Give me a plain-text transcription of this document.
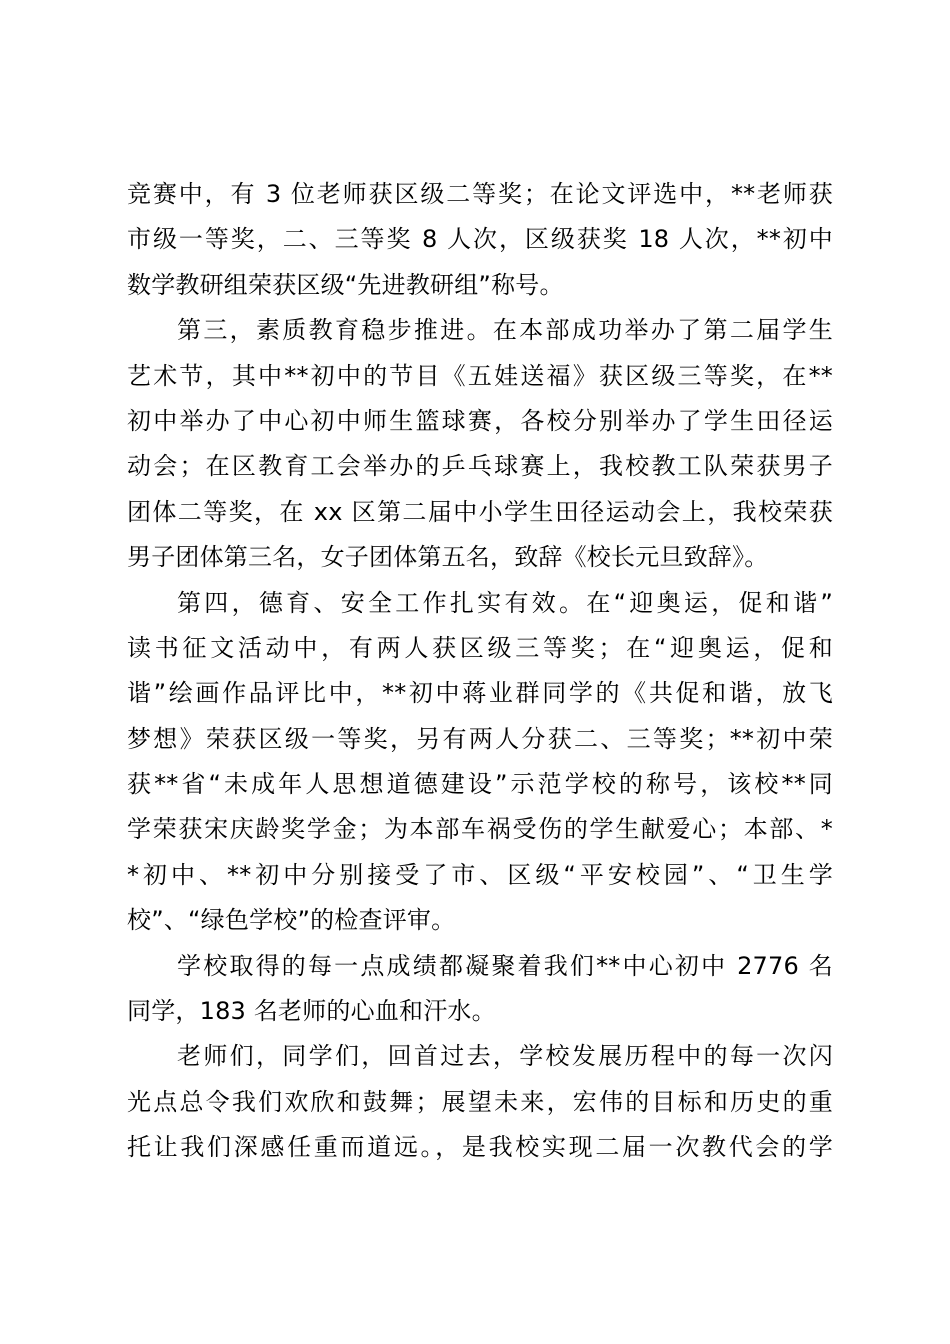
竞赛中，有 3 位老师获区级二等奖；在论文评选中，**老师获
市级一等奖，二、三等奖 8 人次，区级获奖 18 人次，**初中
数学教研组荣获区级“先进教研组”称号。
第三，素质教育稳步推进。在本部成功举办了第二届学生
艺术节，其中**初中的节目《五娃送福》获区级三等奖，在**
初中举办了中心初中师生篮球赛，各校分别举办了学生田径运
动会；在区教育工会举办的乒乓球赛上，我校教工队荣获男子
团体二等奖，在 xx 区第二届中小学生田径运动会上，我校荣获
男子团体第三名，女子团体第五名，致辞《校长元旦致辞》。
第四，德育、安全工作扎实有效。在“迎奥运，促和谐”
读书征文活动中，有两人获区级三等奖；在“迎奥运，促和
谐”绘画作品评比中，**初中蒋业群同学的《共促和谐，放飞
梦想》荣获区级一等奖，另有两人分获二、三等奖；**初中荣
获**省“未成年人思想道德建设”示范学校的称号，该校**同
学荣获宋庆龄奖学金；为本部车祸受伤的学生献爱心；本部、*
*初中、**初中分别接受了市、区级“平安校园”、“卫生学
校”、“绿色学校”的检查评审。
学校取得的每一点成绩都凝聚着我们**中心初中 2776 名
同学，183 名老师的心血和汗水。
老师们，同学们，回首过去，学校发展历程中的每一次闪
光点总令我们欢欣和鼓舞；展望未来，宏伟的目标和历史的重
托让我们深感任重而道远。，是我校实现二届一次教代会的学
